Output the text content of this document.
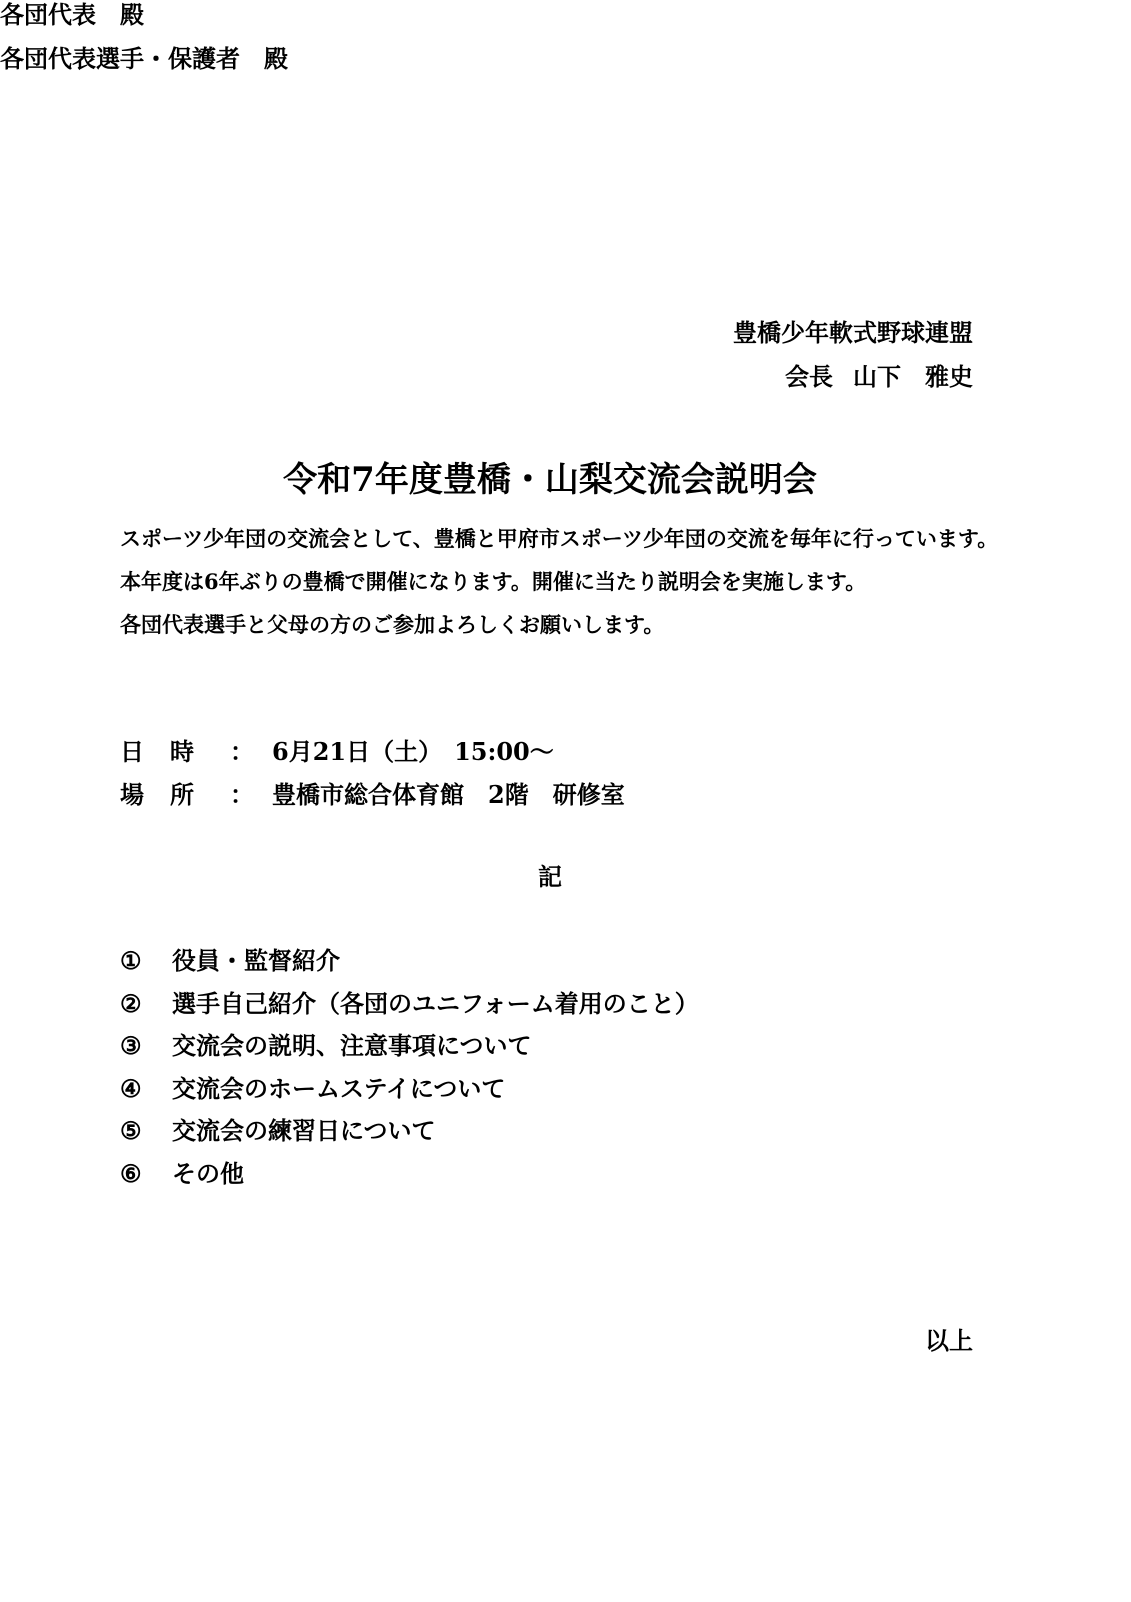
各団代表　殿
各団代表選手・保護者　殿
豊橋少年軟式野球連盟
会長 山下　雅史
令和7年度豊橋・山梨交流会説明会
スポーツ少年団の交流会として、豊橋と甲府市スポーツ少年団の交流を毎年に行っています。
本年度は6年ぶりの豊橋で開催になります。開催に当たり説明会を実施します。
各団代表選手と父母の方のご参加よろしくお願いします。
日時 ： 6月21日（土）　15:00～
場所 ： 豊橋市総合体育館　2階　研修室
記
① 役員・監督紹介
② 選手自己紹介（各団のユニフォーム着用のこと）
③ 交流会の説明、注意事項について
④ 交流会のホームステイについて
⑤ 交流会の練習日について
⑥ その他
以上
